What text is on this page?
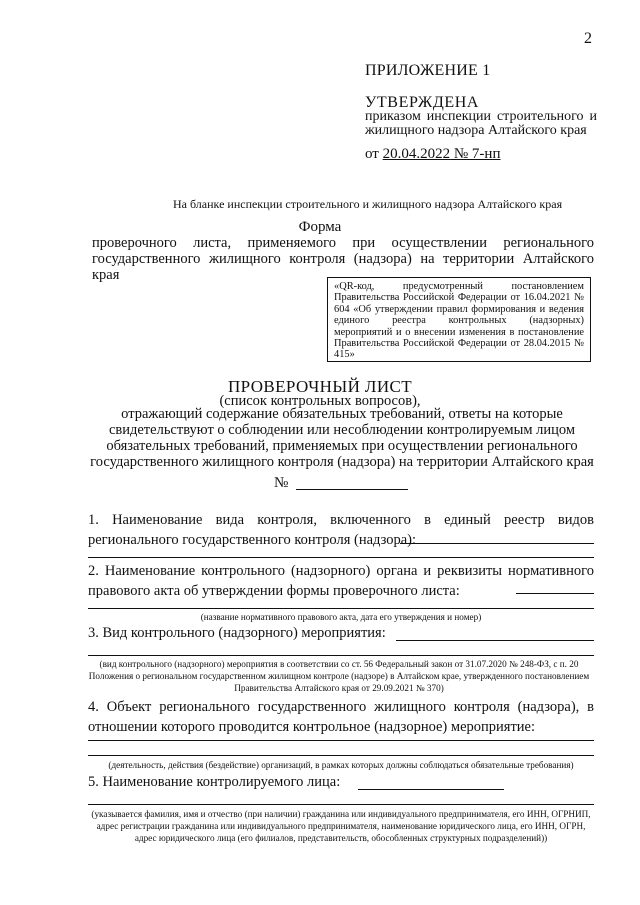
2
ПРИЛОЖЕНИЕ 1
УТВЕРЖДЕНА
приказом инспекции строительного и жилищного надзора Алтайского края
от 20.04.2022 № 7-нп
На бланке инспекции строительного и жилищного надзора Алтайского края
Форма
проверочного листа, применяемого при осуществлении регионального государственного жилищного контроля (надзора) на территории Алтайского края
«QR-код, предусмотренный постановлением Правительства Российской Федерации от 16.04.2021 № 604 «Об утверждении правил формирования и ведения единого реестра контрольных (надзорных) мероприятий и о внесении изменения в постановление Правительства Российской Федерации от 28.04.2015 № 415»
ПРОВЕРОЧНЫЙ ЛИСТ
(список контрольных вопросов),
отражающий содержание обязательных требований, ответы на которые свидетельствуют о соблюдении или несоблюдении контролируемым лицом обязательных требований, применяемых при осуществлении регионального государственного жилищного контроля (надзора) на территории Алтайского края
№
1. Наименование вида контроля, включенного в единый реестр видов регионального государственного контроля (надзора):
2. Наименование контрольного (надзорного) органа и реквизиты нормативного правового акта об утверждении формы проверочного листа:
(название нормативного правового акта, дата его утверждения и номер)
3. Вид контрольного (надзорного) мероприятия:
(вид контрольного (надзорного) мероприятия в соответствии со ст. 56 Федеральный закон от 31.07.2020 № 248-ФЗ, с п. 20 Положения о региональном государственном жилищном контроле (надзоре) в Алтайском крае, утвержденного постановлением Правительства Алтайского края от 29.09.2021 № 370)
4. Объект регионального государственного жилищного контроля (надзора), в отношении которого проводится контрольное (надзорное) мероприятие:
(деятельность, действия (бездействие) организаций, в рамках которых должны соблюдаться обязательные требования)
5. Наименование контролируемого лица:
(указывается фамилия, имя и отчество (при наличии) гражданина или индивидуального предпринимателя, его ИНН, ОГРНИП, адрес регистрации гражданина или индивидуального предпринимателя, наименование юридического лица, его ИНН, ОГРН, адрес юридического лица (его филиалов, представительств, обособленных структурных подразделений))
